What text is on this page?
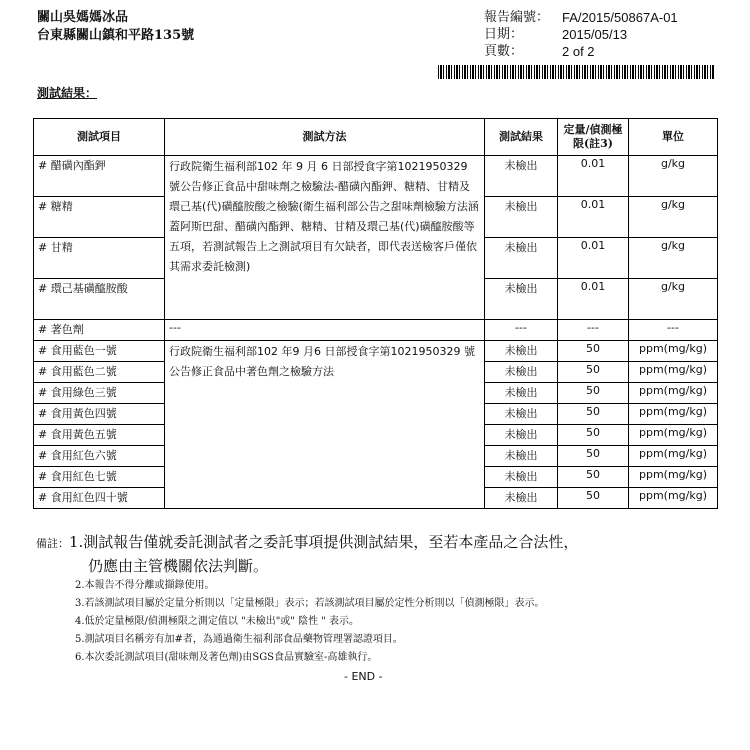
關山吳媽媽冰品
台東縣關山鎮和平路135號
報告編號： FA/2015/50867A-01
日期：	2015/05/13
頁數：	2 of 2
測試結果：
測試項目	測試方法	測試結果	定量/偵測極限(註3)	單位
# 醋磺內酯鉀	行政院衛生福利部102 年 9 月 6 日部授食字第1021950329 號公告修正食品中甜味劑之檢驗法-醋磺內酯鉀、糖精、甘精及環己基(代)磺醯胺酸之檢驗(衛生福利部公告之甜味劑檢驗方法涵蓋阿斯巴甜、醋磺內酯鉀、糖精、甘精及環己基(代)磺醯胺酸等五項，若測試報告上之測試項目有欠缺者，即代表送檢客戶僅依其需求委託檢測)	未檢出	0.01	g/kg
# 糖精		未檢出	0.01	g/kg
# 甘精		未檢出	0.01	g/kg
# 環己基磺醯胺酸		未檢出	0.01	g/kg
# 著色劑	---	---	---	---
# 食用藍色一號	行政院衛生福利部102 年9 月6 日部授食字第1021950329 號公告修正食品中著色劑之檢驗方法	未檢出	50	ppm(mg/kg)
# 食用藍色二號		未檢出	50	ppm(mg/kg)
# 食用綠色三號		未檢出	50	ppm(mg/kg)
# 食用黃色四號		未檢出	50	ppm(mg/kg)
# 食用黃色五號		未檢出	50	ppm(mg/kg)
# 食用紅色六號		未檢出	50	ppm(mg/kg)
# 食用紅色七號		未檢出	50	ppm(mg/kg)
# 食用紅色四十號		未檢出	50	ppm(mg/kg)
備註：1.測試報告僅就委託測試者之委託事項提供測試結果，至若本產品之合法性，
仍應由主管機關依法判斷。
2.本報告不得分離或擷錄使用。
3.若該測試項目屬於定量分析則以「定量極限」表示；若該測試項目屬於定性分析則以「偵測極限」表示。
4.低於定量極限/偵測極限之測定值以 "未檢出"或" 陰性 " 表示。
5.測試項目名稱旁有加#者，為通過衛生福利部食品藥物管理署認證項目。
6.本次委託測試項目(甜味劑及著色劑)由SGS食品實驗室-高雄執行。
- END -
